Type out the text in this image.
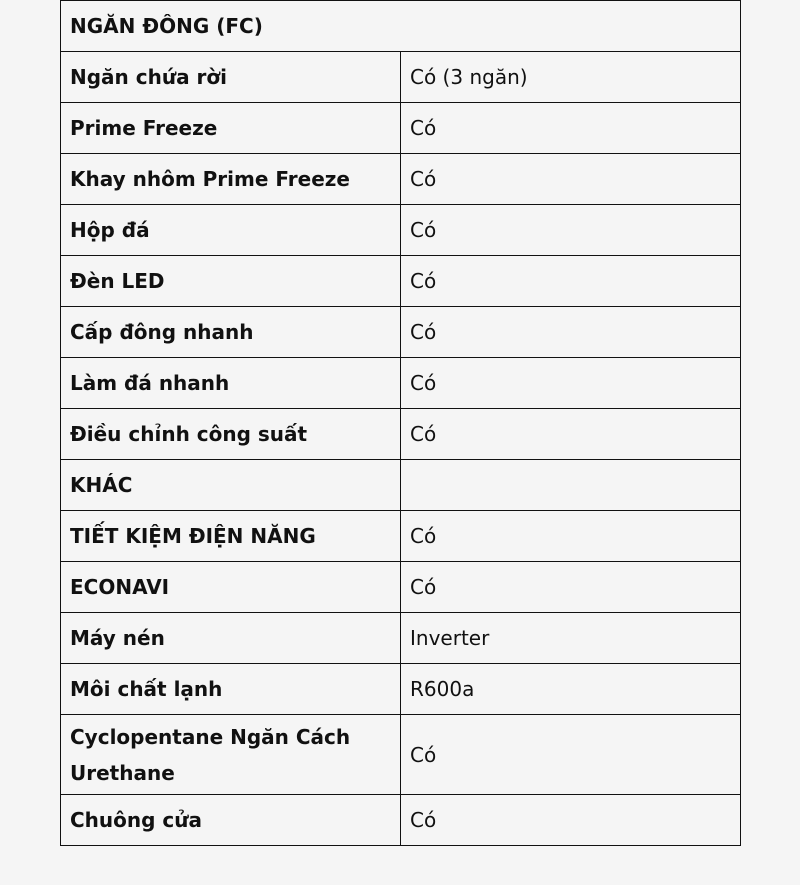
NGĂN ĐÔNG (FC)	
Ngăn chứa rời	Có (3 ngăn)
Prime Freeze	Có
Khay nhôm Prime Freeze	Có
Hộp đá	Có
Đèn LED	Có
Cấp đông nhanh	Có
Làm đá nhanh	Có
Điều chỉnh công suất	Có
KHÁC	
TIẾT KIỆM ĐIỆN NĂNG	Có
ECONAVI	Có
Máy nén	Inverter
Môi chất lạnh	R600a
Cyclopentane Ngăn Cách Urethane	Có
Chuông cửa	Có
